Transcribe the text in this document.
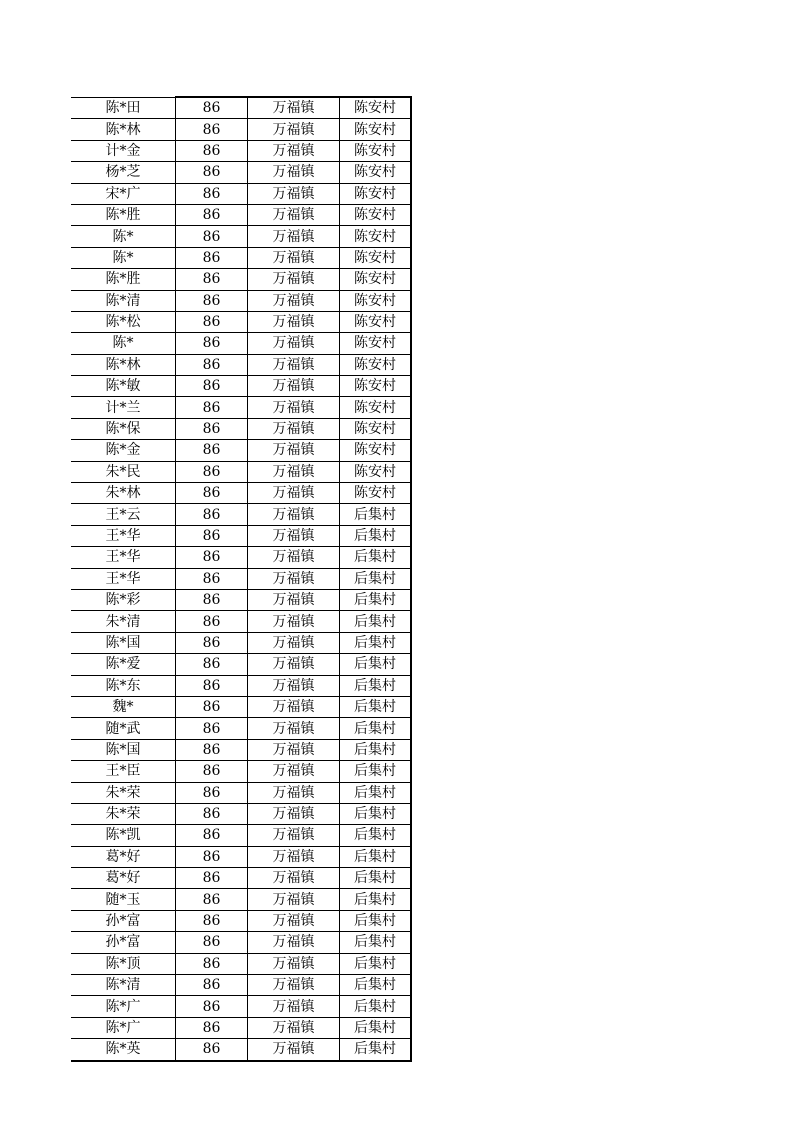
陈*田	86	万福镇	陈安村
陈*林	86	万福镇	陈安村
计*金	86	万福镇	陈安村
杨*芝	86	万福镇	陈安村
宋*广	86	万福镇	陈安村
陈*胜	86	万福镇	陈安村
陈*	86	万福镇	陈安村
陈*	86	万福镇	陈安村
陈*胜	86	万福镇	陈安村
陈*清	86	万福镇	陈安村
陈*松	86	万福镇	陈安村
陈*	86	万福镇	陈安村
陈*林	86	万福镇	陈安村
陈*敏	86	万福镇	陈安村
计*兰	86	万福镇	陈安村
陈*保	86	万福镇	陈安村
陈*金	86	万福镇	陈安村
朱*民	86	万福镇	陈安村
朱*林	86	万福镇	陈安村
王*云	86	万福镇	后集村
王*华	86	万福镇	后集村
王*华	86	万福镇	后集村
王*华	86	万福镇	后集村
陈*彩	86	万福镇	后集村
朱*清	86	万福镇	后集村
陈*国	86	万福镇	后集村
陈*爱	86	万福镇	后集村
陈*东	86	万福镇	后集村
魏*	86	万福镇	后集村
随*武	86	万福镇	后集村
陈*国	86	万福镇	后集村
王*臣	86	万福镇	后集村
朱*荣	86	万福镇	后集村
朱*荣	86	万福镇	后集村
陈*凯	86	万福镇	后集村
葛*好	86	万福镇	后集村
葛*好	86	万福镇	后集村
随*玉	86	万福镇	后集村
孙*富	86	万福镇	后集村
孙*富	86	万福镇	后集村
陈*顶	86	万福镇	后集村
陈*清	86	万福镇	后集村
陈*广	86	万福镇	后集村
陈*广	86	万福镇	后集村
陈*英	86	万福镇	后集村
